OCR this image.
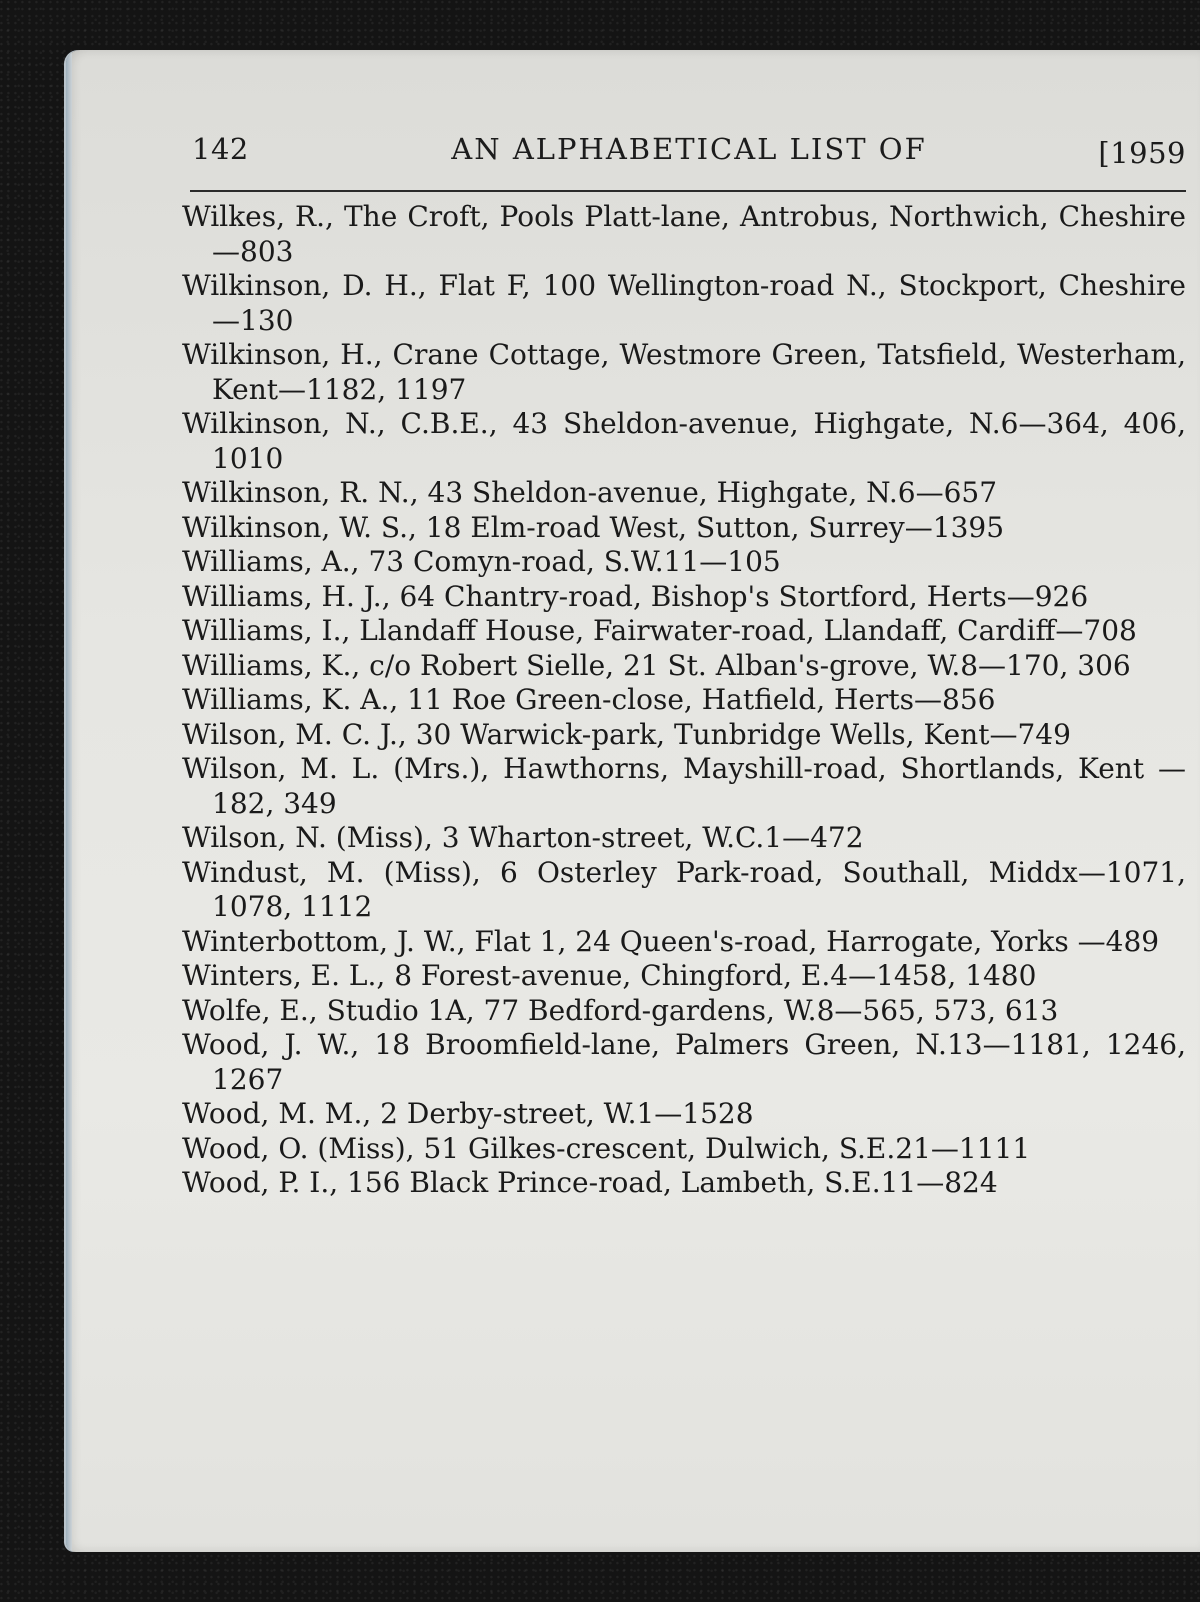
142	AN ALPHABETICAL LIST OF	[1959
Wilkes, R., The Croft, Pools Platt-lane, Antrobus, Northwich, Cheshire—803
Wilkinson, D. H., Flat F, 100 Wellington-road N., Stockport, Cheshire—130
Wilkinson, H., Crane Cottage, Westmore Green, Tatsfield, Westerham, Kent—1182, 1197
Wilkinson, N., C.B.E., 43 Sheldon-avenue, Highgate, N.6—364, 406, 1010
Wilkinson, R. N., 43 Sheldon-avenue, Highgate, N.6—657
Wilkinson, W. S., 18 Elm-road West, Sutton, Surrey—1395
Williams, A., 73 Comyn-road, S.W.11—105
Williams, H. J., 64 Chantry-road, Bishop's Stortford, Herts—926
Williams, I., Llandaff House, Fairwater-road, Llandaff, Cardiff—708
Williams, K., c/o Robert Sielle, 21 St. Alban's-grove, W.8—170, 306
Williams, K. A., 11 Roe Green-close, Hatfield, Herts—856
Wilson, M. C. J., 30 Warwick-park, Tunbridge Wells, Kent—749
Wilson, M. L. (Mrs.), Hawthorns, Mayshill-road, Shortlands, Kent —182, 349
Wilson, N. (Miss), 3 Wharton-street, W.C.1—472
Windust, M. (Miss), 6 Osterley Park-road, Southall, Middx—1071, 1078, 1112
Winterbottom, J. W., Flat 1, 24 Queen's-road, Harrogate, Yorks —489
Winters, E. L., 8 Forest-avenue, Chingford, E.4—1458, 1480
Wolfe, E., Studio 1A, 77 Bedford-gardens, W.8—565, 573, 613
Wood, J. W., 18 Broomfield-lane, Palmers Green, N.13—1181, 1246, 1267
Wood, M. M., 2 Derby-street, W.1—1528
Wood, O. (Miss), 51 Gilkes-crescent, Dulwich, S.E.21—1111
Wood, P. I., 156 Black Prince-road, Lambeth, S.E.11—824
